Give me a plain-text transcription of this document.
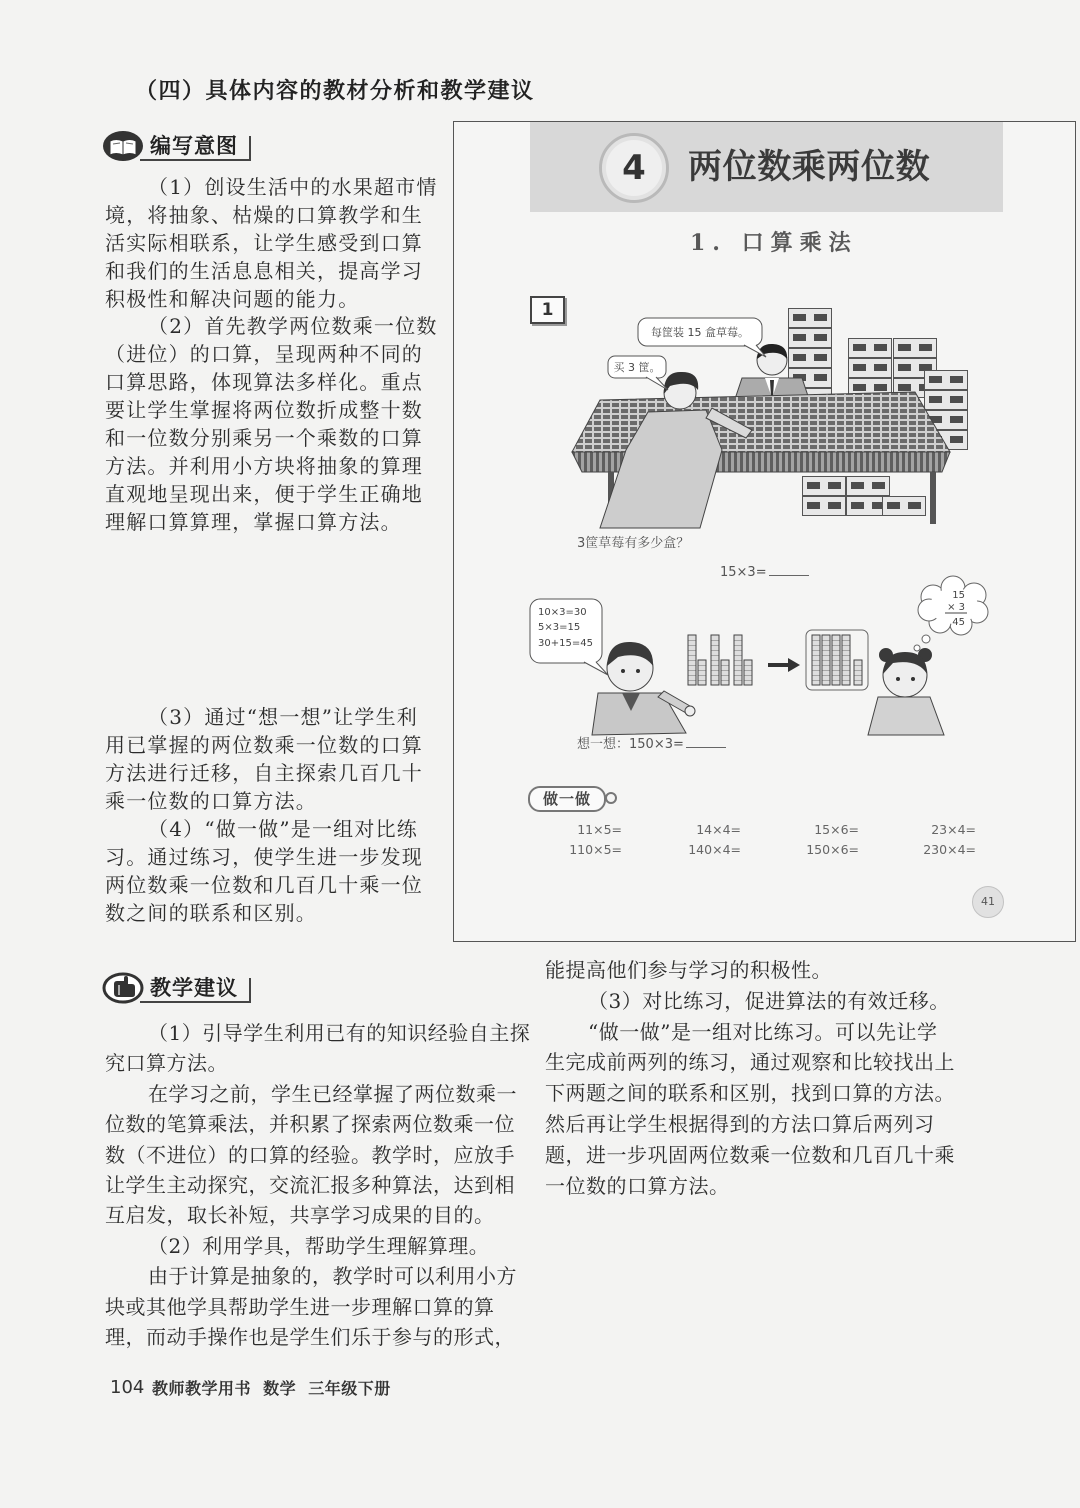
（四）具体内容的教材分析和教学建议
编写意图
（1）创设生活中的水果超市情
境，将抽象、枯燥的口算教学和生
活实际相联系，让学生感受到口算
和我们的生活息息相关，提高学习
积极性和解决问题的能力。
（2）首先教学两位数乘一位数
（进位）的口算，呈现两种不同的
口算思路，体现算法多样化。重点
要让学生掌握将两位数折成整十数
和一位数分别乘另一个乘数的口算
方法。并利用小方块将抽象的算理
直观地呈现出来，便于学生正确地
理解口算算理，掌握口算方法。
（3）通过“想一想”让学生利
用已掌握的两位数乘一位数的口算
方法进行迁移，自主探索几百几十
乘一位数的口算方法。
（4）“做一做”是一组对比练
习。通过练习，使学生进一步发现
两位数乘一位数和几百几十乘一位
数之间的联系和区别。
4	两位数乘两位数
1. 口算乘法
1
每筐装 15 盒草莓。
买 3 筐。
3筐草莓有多少盒？
15×3=
10×3=30
5×3=15
30+15=45
15
× 3
45
想一想：150×3=
做一做
11×5=
110×5=
14×4=
140×4=
15×6=
150×6=
23×4=
230×4=
41
教学建议
（1）引导学生利用已有的知识经验自主探
究口算方法。
在学习之前，学生已经掌握了两位数乘一
位数的笔算乘法，并积累了探索两位数乘一位
数（不进位）的口算的经验。教学时，应放手
让学生主动探究，交流汇报多种算法，达到相
互启发，取长补短，共享学习成果的目的。
（2）利用学具，帮助学生理解算理。
由于计算是抽象的，教学时可以利用小方
块或其他学具帮助学生进一步理解口算的算
理，而动手操作也是学生们乐于参与的形式，
能提高他们参与学习的积极性。
（3）对比练习，促进算法的有效迁移。
“做一做”是一组对比练习。可以先让学
生完成前两列的练习，通过观察和比较找出上
下两题之间的联系和区别，找到口算的方法。
然后再让学生根据得到的方法口算后两列习
题，进一步巩固两位数乘一位数和几百几十乘
一位数的口算方法。
104 教师教学用书  数学  三年级下册
